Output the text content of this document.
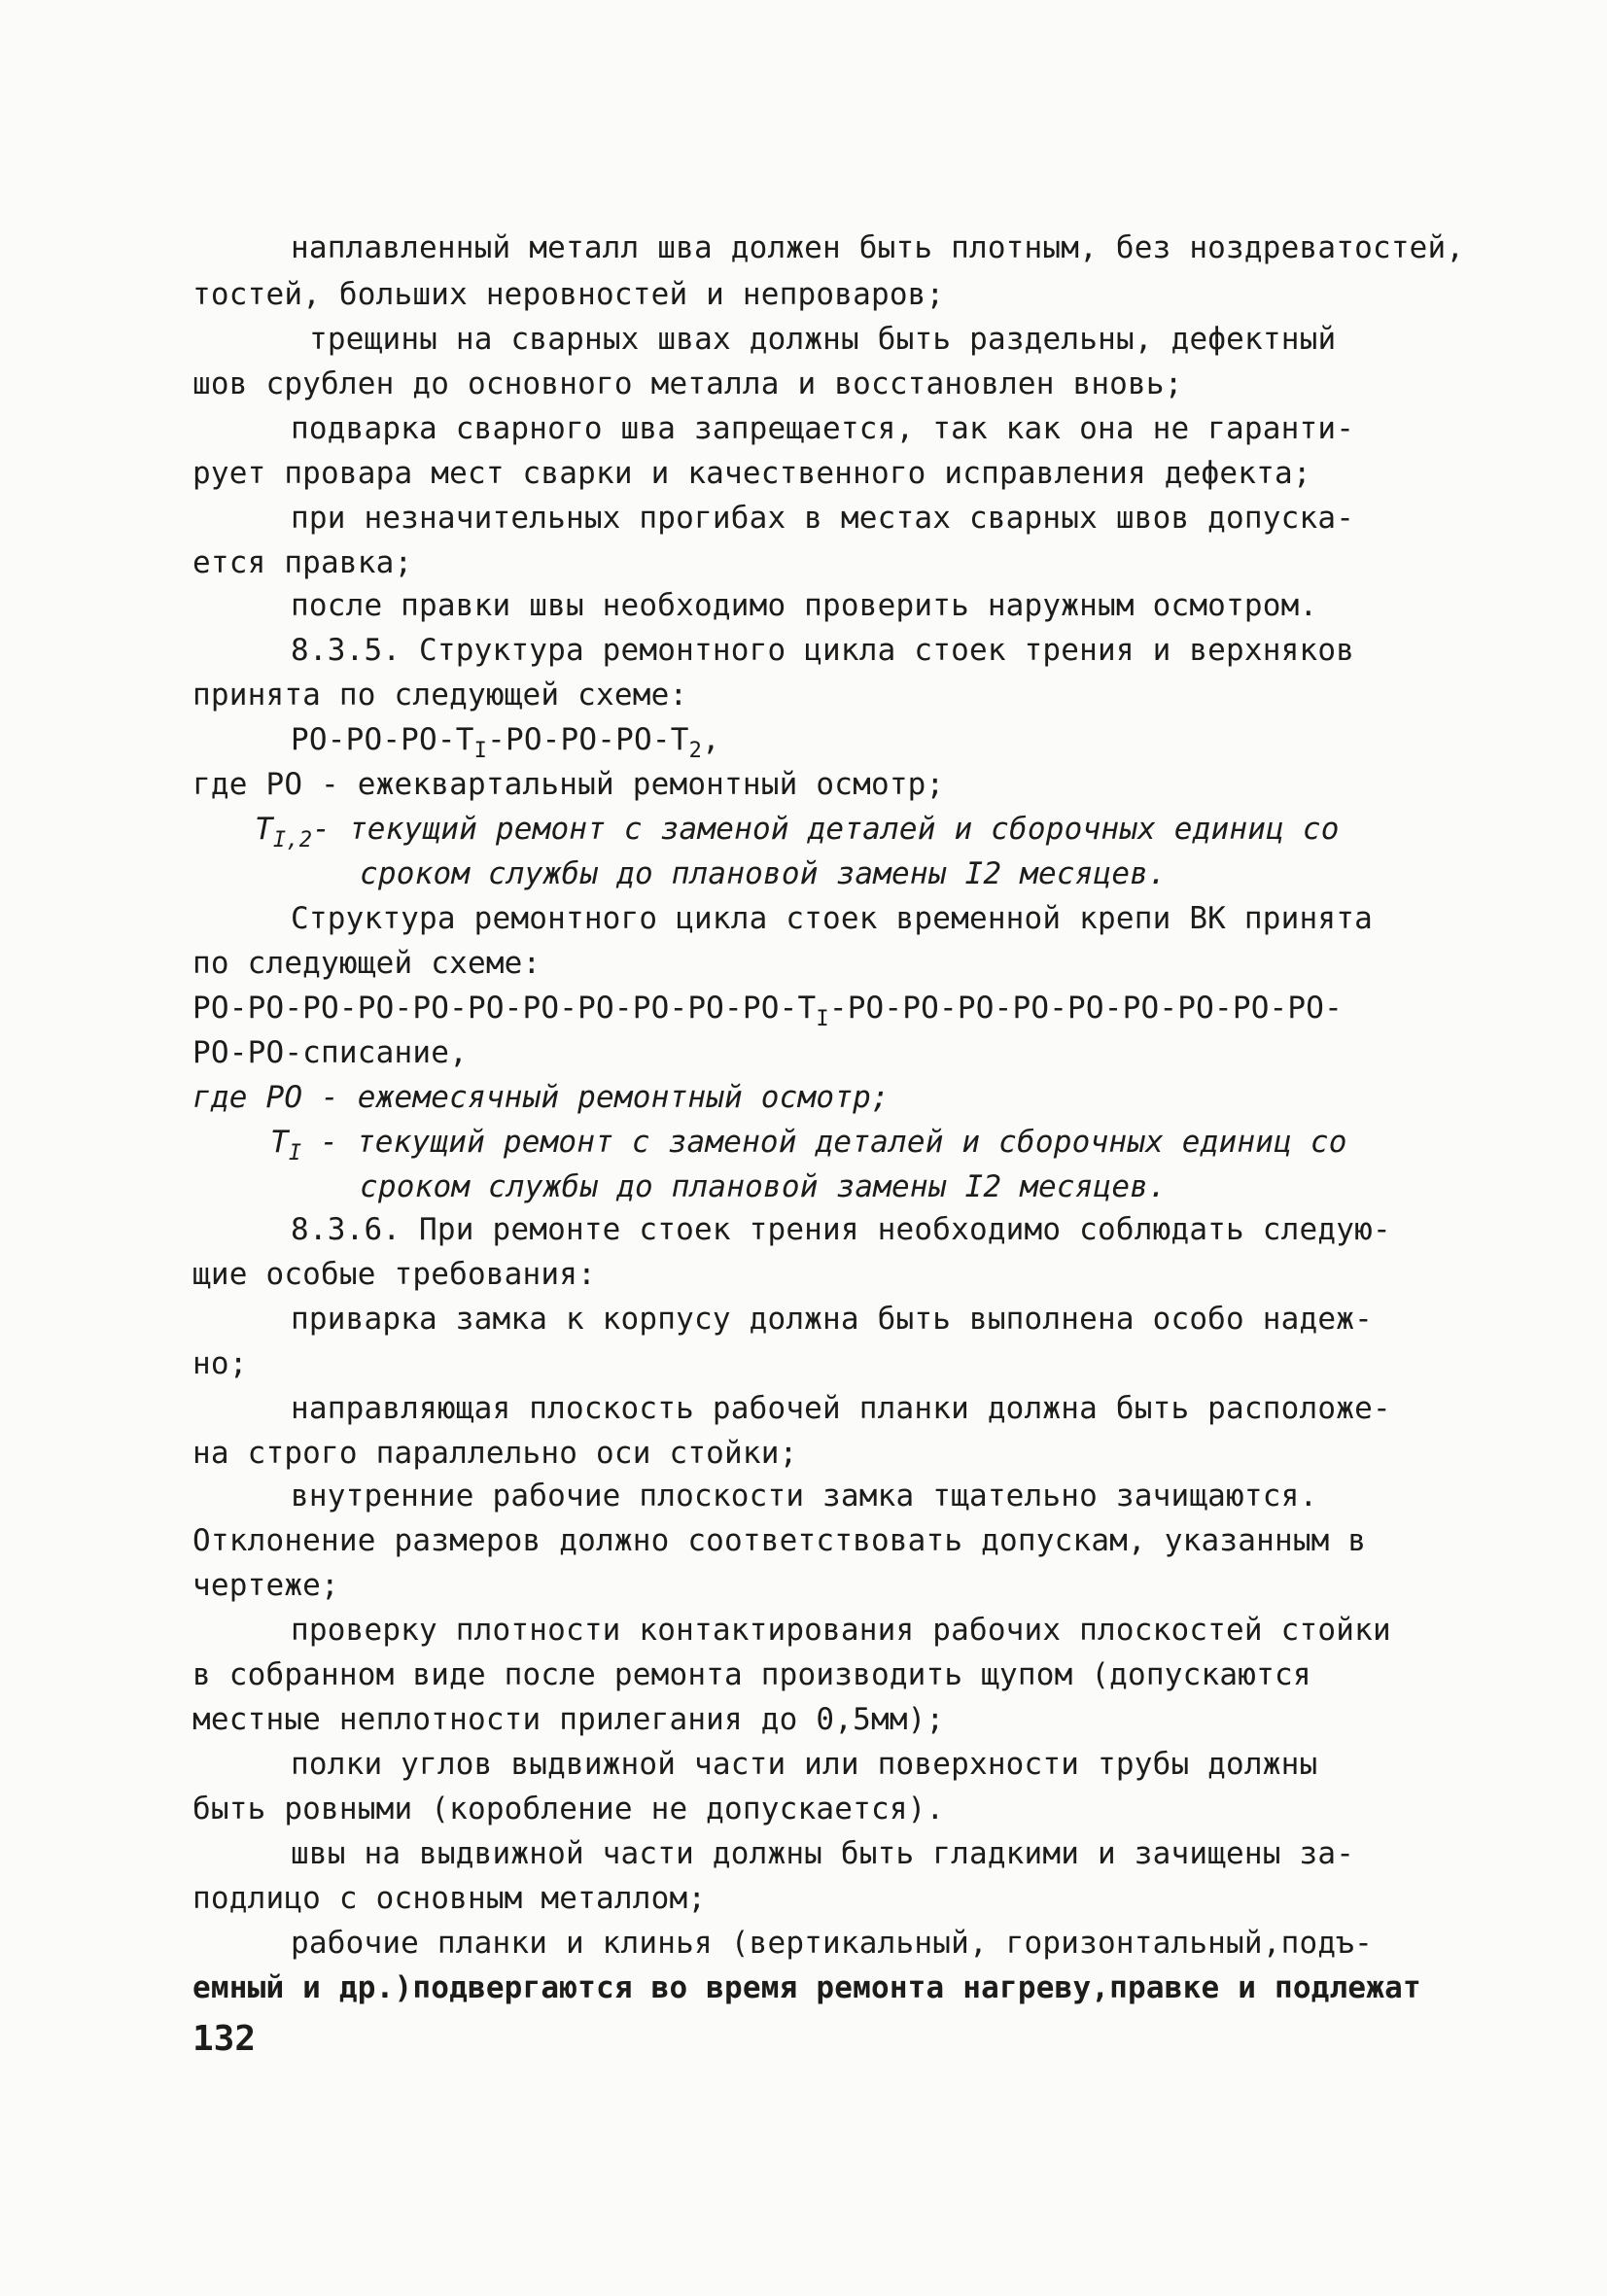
наплавленный металл шва должен быть плотным, без ноздреватостей,
тостей, больших неровностей и непроваров;
трещины на сварных швах должны быть раздельны, дефектный
шов срублен до основного металла и восстановлен вновь;
подварка сварного шва запрещается, так как она не гаранти-
рует провара мест сварки и качественного исправления дефекта;
при незначительных прогибах в местах сварных швов допуска-
ется правка;
после правки швы необходимо проверить наружным осмотром.
8.3.5. Структура ремонтного цикла стоек трения и верхняков
принята по следующей схеме:
$РО-РО-РО-Т_I-РО-РО-РО-Т_2$,
где РО - ежеквартальный ремонтный осмотр;
$Т_{I,2}-$ текущий ремонт с заменой деталей и сборочных единиц со
сроком службы до плановой замены I2 месяцев.
Структура ремонтного цикла стоек временной крепи ВК принята
по следующей схеме:
$РО-РО-РО-РО-РО-РО-РО-РО-РО-РО-РО-Т_I-РО-РО-РО-РО-РО-РО-РО-РО-РО-$
РО-РО-списание,
где РО - ежемесячный ремонтный осмотр;
$Т_I$ - текущий ремонт с заменой деталей и сборочных единиц со
сроком службы до плановой замены I2 месяцев.
8.3.6. При ремонте стоек трения необходимо соблюдать следую-
щие особые требования:
приварка замка к корпусу должна быть выполнена особо надеж-
но;
направляющая плоскость рабочей планки должна быть расположе-
на строго параллельно оси стойки;
внутренние рабочие плоскости замка тщательно зачищаются.
Отклонение размеров должно соответствовать допускам, указанным в
чертеже;
проверку плотности контактирования рабочих плоскостей стойки
в собранном виде после ремонта производить щупом (допускаются
местные неплотности прилегания до 0,5мм);
полки углов выдвижной части или поверхности трубы должны
быть ровными (коробление не допускается).
швы на выдвижной части должны быть гладкими и зачищены за-
подлицо с основным металлом;
рабочие планки и клинья (вертикальный, горизонтальный,подъ-
емный и др.)подвергаются во время ремонта нагреву,правке и подлежат
132
